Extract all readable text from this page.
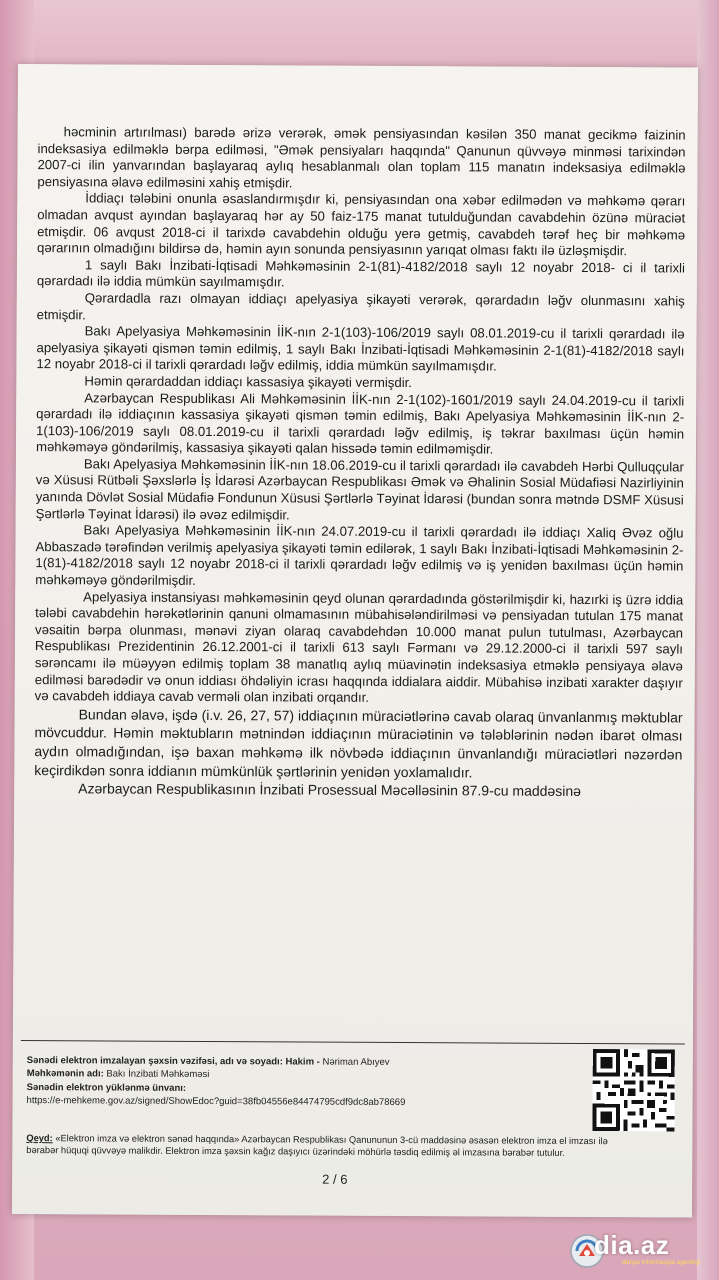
həcminin artırılması) barədə ərizə verərək, əmək pensiyasından kəsilən 350 manat gecikmə faizinin indeksasiya edilməklə bərpa edilməsi, "Əmək pensiyaları haqqında" Qanunun qüvvəyə minməsi tarixindən 2007-ci ilin yanvarından başlayaraq aylıq hesablanmalı olan toplam 115 manatın indeksasiya edilməklə pensiyasına əlavə edilməsini xahiş etmişdir.

İddiaçı tələbini onunla əsaslandırmışdır ki, pensiyasından ona xəbər edilmədən və məhkəmə qərarı olmadan avqust ayından başlayaraq hər ay 50 faiz-175 manat tutulduğundan cavabdehin özünə müraciət etmişdir. 06 avqust 2018-ci il tarixdə cavabdehin olduğu yerə getmiş, cavabdeh tərəf heç bir məhkəmə qərarının olmadığını bildirsə də, həmin ayın sonunda pensiyasının yarıqat olması faktı ilə üzləşmişdir.

1 saylı Bakı İnzibati-İqtisadi Məhkəməsinin 2-1(81)-4182/2018 saylı 12 noyabr 2018- ci il tarixli qərardadı ilə iddia mümkün sayılmamışdır.

Qərardadla razı olmayan iddiaçı apelyasiya şikayəti verərək, qərardadın ləğv olunmasını xahiş etmişdir.

Bakı Apelyasiya Məhkəməsinin İİK-nın 2-1(103)-106/2019 saylı 08.01.2019-cu il tarixli qərardadı ilə apelyasiya şikayəti qismən təmin edilmiş, 1 saylı Bakı İnzibati-İqtisadi Məhkəməsinin 2-1(81)-4182/2018 saylı 12 noyabr 2018-ci il tarixli qərardadı ləğv edilmiş, iddia mümkün sayılmamışdır.

Həmin qərardaddan iddiaçı kassasiya şikayəti vermişdir.

Azərbaycan Respublikası Ali Məhkəməsinin İİK-nın 2-1(102)-1601/2019 saylı 24.04.2019-cu il tarixli qərardadı ilə iddiaçının kassasiya şikayəti qismən təmin edilmiş, Bakı Apelyasiya Məhkəməsinin İİK-nın 2-1(103)-106/2019 saylı 08.01.2019-cu il tarixli qərardadı ləğv edilmiş, iş təkrar baxılması üçün həmin məhkəməyə göndərilmiş, kassasiya şikayəti qalan hissədə təmin edilməmişdir.

Bakı Apelyasiya Məhkəməsinin İİK-nın 18.06.2019-cu il tarixli qərardadı ilə cavabdeh Hərbi Qulluqçular və Xüsusi Rütbəli Şəxslərlə İş İdarəsi Azərbaycan Respublikası Əmək və Əhalinin Sosial Müdafiəsi Nazirliyinin yanında Dövlət Sosial Müdafiə Fondunun Xüsusi Şərtlərlə Təyinat İdarəsi (bundan sonra mətndə DSMF Xüsusi Şərtlərlə Təyinat İdarəsi) ilə əvəz edilmişdir.

Bakı Apelyasiya Məhkəməsinin İİK-nın 24.07.2019-cu il tarixli qərardadı ilə iddiaçı Xaliq Əvəz oğlu Abbaszadə tərəfindən verilmiş apelyasiya şikayəti təmin edilərək, 1 saylı Bakı İnzibati-İqtisadi Məhkəməsinin 2-1(81)-4182/2018 saylı 12 noyabr 2018-ci il tarixli qərardadı ləğv edilmiş və iş yenidən baxılması üçün həmin məhkəməyə göndərilmişdir.

Apelyasiya instansiyası məhkəməsinin qeyd olunan qərardadında göstərilmişdir ki, hazırki iş üzrə iddia tələbi cavabdehin hərəkətlərinin qanuni olmamasının mübahisələndirilməsi və pensiyadan tutulan 175 manat vəsaitin bərpa olunması, mənəvi ziyan olaraq cavabdehdən 10.000 manat pulun tutulması, Azərbaycan Respublikası Prezidentinin 26.12.2001-ci il tarixli 613 saylı Fərmanı və 29.12.2000-ci il tarixli 597 saylı sərəncamı ilə müəyyən edilmiş toplam 38 manatlıq aylıq müavinətin indeksasiya etməklə pensiyaya əlavə edilməsi barədədir və onun iddiası öhdəliyin icrası haqqında iddialara aiddir. Mübahisə inzibati xarakter daşıyır və cavabdeh iddiaya cavab verməli olan inzibati orqandır.

Bundan əlavə, işdə (i.v. 26, 27, 57) iddiaçının müraciətlərinə cavab olaraq ünvanlanmış məktublar mövcuddur. Həmin məktubların mətnindən iddiaçının müraciətinin və tələblərinin nədən ibarət olması aydın olmadığından, işə baxan məhkəmə ilk növbədə iddiaçının ünvanlandığı müraciətləri nəzərdən keçirdikdən sonra iddianın mümkünlük şərtlərinin yenidən yoxlamalıdır.

Azərbaycan Respublikasının İnzibati Prosessual Məcəlləsinin 87.9-cu maddəsinə

Sənədi elektron imzalayan şəxsin vəzifəsi, adı və soyadı: Hakim - Nəriman Abıyev
Məhkəmənin adı: Bakı İnzibati Məhkəməsi
Sənədin elektron yüklənmə ünvanı:
https://e-mehkeme.gov.az/signed/ShowEdoc?guid=38fb04556e84474795cdf9dc8ab78669
Qeyd: «Elektron imza və elektron sənəd haqqında» Azərbaycan Respublikası Qanununun 3-cü maddəsinə əsasən elektron imza el imzası ilə bərabər hüquqi qüvvəyə malikdir. Elektron imza şəxsin kağız daşıyıcı üzərindəki möhürlə təsdiq edilmiş əl imzasına bərabər tutulur.
2 / 6
dia.az
dünya informasiya agentliyi
